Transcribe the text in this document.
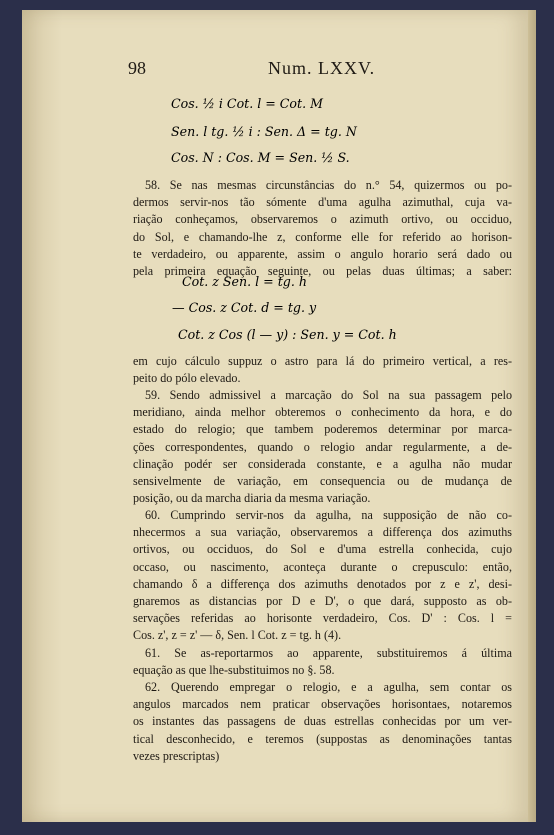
98	Num. LXXV.
Cos. ½ i Cot. l = Cot. M
Sen. l tg. ½ i : Sen. Δ = tg. N
Cos. N : Cos. M = Sen. ½ S.
58. Se nas mesmas circunstâncias do n.° 54, quizermos ou po-
dermos servir-nos tão sómente d'uma agulha azimuthal, cuja va-
riação conheçamos, observaremos o azimuth ortivo, ou occiduo,
do Sol, e chamando-lhe z, conforme elle for referido ao horison-
te verdadeiro, ou apparente, assim o angulo horario será dado ou
pela primeira equação seguinte, ou pelas duas últimas; a saber:
Cot. z Sen. l = tg. h
— Cos. z Cot. d = tg. y
Cot. z Cos (l — y) : Sen. y = Cot. h
em cujo cálculo suppuz o astro para lá do primeiro vertical, a res-
peito do pólo elevado.
59. Sendo admissivel a marcação do Sol na sua passagem pelo
meridiano, ainda melhor obteremos o conhecimento da hora, e do
estado do relogio; que tambem poderemos determinar por marca-
ções correspondentes, quando o relogio andar regularmente, a de-
clinação podér ser considerada constante, e a agulha não mudar
sensivelmente de variação, em consequencia ou de mudança de
posição, ou da marcha diaria da mesma variação.
60. Cumprindo servir-nos da agulha, na supposição de não co-
nhecermos a sua variação, observaremos a differença dos azimuths
ortivos, ou occiduos, do Sol e d'uma estrella conhecida, cujo
occaso, ou nascimento, aconteça durante o crepusculo: então,
chamando δ a differença dos azimuths denotados por z e z', desi-
gnaremos as distancias por D e D', o que dará, supposto as ob-
servações referidas ao horisonte verdadeiro, Cos. D' : Cos. l =
Cos. z', z = z' — δ, Sen. l Cot. z = tg. h (4).
61. Se as-reportarmos ao apparente, substituiremos á última
equação as que lhe-substituimos no §. 58.
62. Querendo empregar o relogio, e a agulha, sem contar os
angulos marcados nem praticar observações horisontaes, notaremos
os instantes das passagens de duas estrellas conhecidas por um ver-
tical desconhecido, e teremos (suppostas as denominações tantas
vezes prescriptas)
